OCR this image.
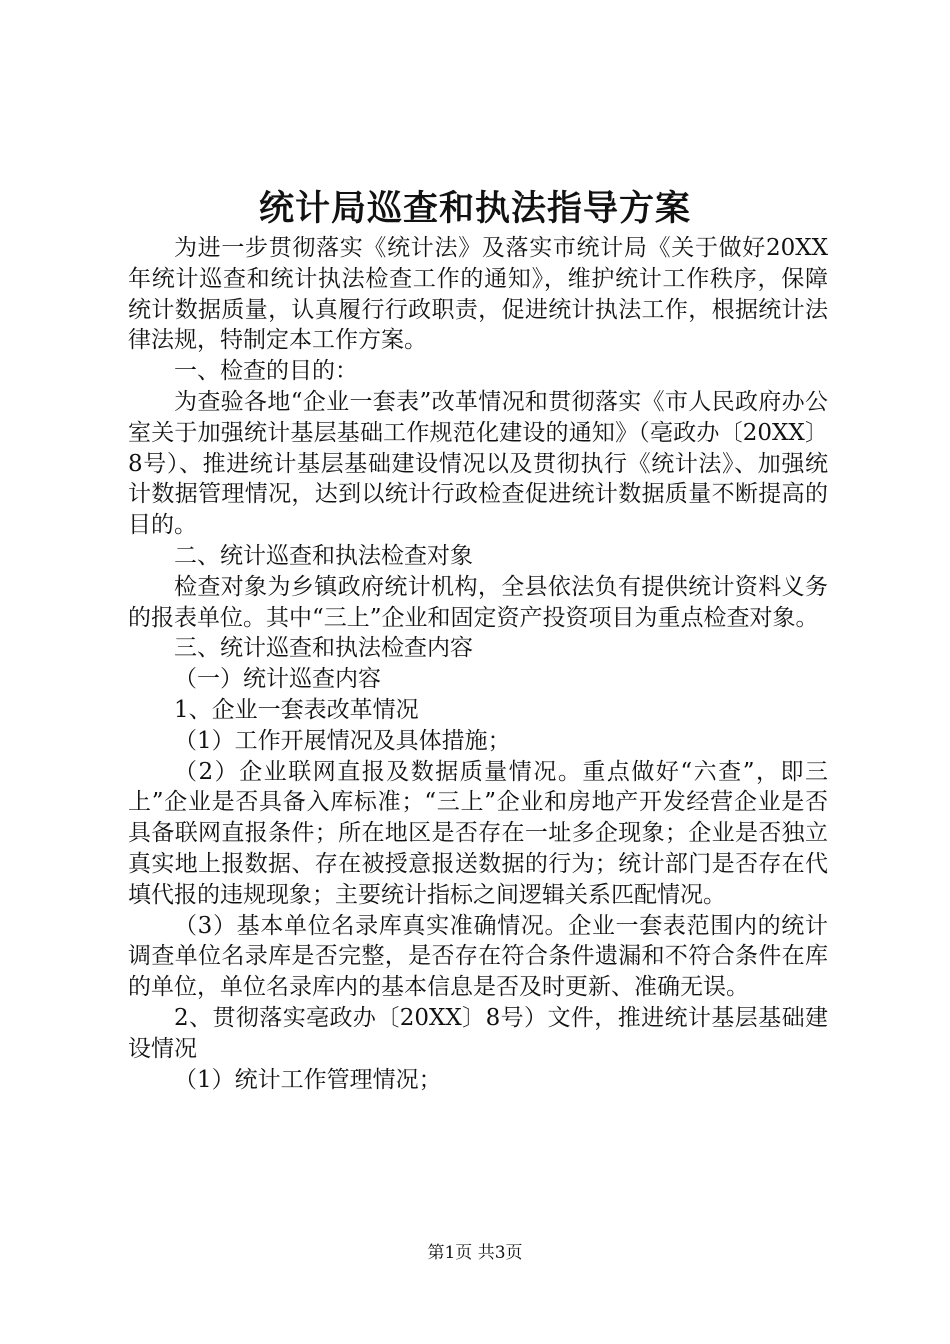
统计局巡查和执法指导方案

为进一步贯彻落实《统计法》及落实市统计局《关于做好20XX年统计巡查和统计执法检查工作的通知》，维护统计工作秩序，保障统计数据质量，认真履行行政职责，促进统计执法工作，根据统计法律法规，特制定本工作方案。

一、检查的目的：

为查验各地“企业一套表”改革情况和贯彻落实《市人民政府办公室关于加强统计基层基础工作规范化建设的通知》（亳政办〔20XX〕8号）、推进统计基层基础建设情况以及贯彻执行《统计法》、加强统计数据管理情况，达到以统计行政检查促进统计数据质量不断提高的目的。

二、统计巡查和执法检查对象

检查对象为乡镇政府统计机构，全县依法负有提供统计资料义务的报表单位。其中“三上”企业和固定资产投资项目为重点检查对象。

三、统计巡查和执法检查内容

（一）统计巡查内容

1、企业一套表改革情况

（1）工作开展情况及具体措施；

（2）企业联网直报及数据质量情况。重点做好“六查”，即三上”企业是否具备入库标准；“三上”企业和房地产开发经营企业是否具备联网直报条件；所在地区是否存在一址多企现象；企业是否独立真实地上报数据、存在被授意报送数据的行为；统计部门是否存在代填代报的违规现象；主要统计指标之间逻辑关系匹配情况。

（3）基本单位名录库真实准确情况。企业一套表范围内的统计调查单位名录库是否完整，是否存在符合条件遗漏和不符合条件在库的单位，单位名录库内的基本信息是否及时更新、准确无误。

2、贯彻落实亳政办〔20XX〕8号）文件，推进统计基层基础建设情况

（1）统计工作管理情况；

第1页 共3页
